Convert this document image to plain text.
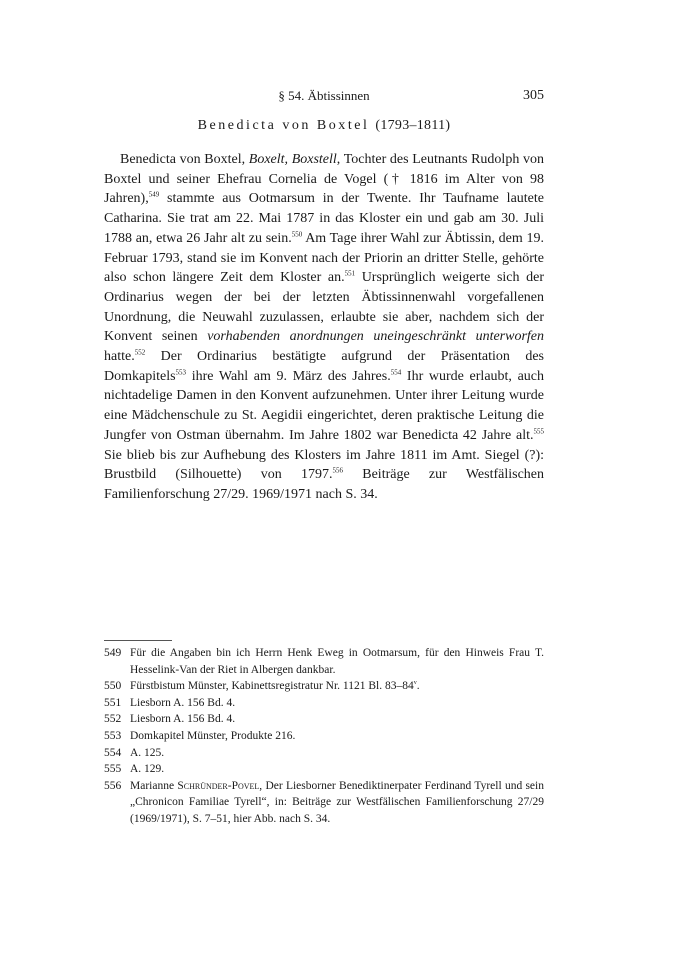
§ 54. Äbtissinnen	305
Benedicta von Boxtel (1793–1811)

Benedicta von Boxtel, Boxelt, Boxstell, Tochter des Leutnants Rudolph von Boxtel und seiner Ehefrau Cornelia de Vogel († 1816 im Alter von 98 Jahren),$^{549}$ stammte aus Ootmarsum in der Twente. Ihr Taufname lautete Catharina. Sie trat am 22. Mai 1787 in das Kloster ein und gab am 30. Juli 1788 an, etwa 26 Jahr alt zu sein.$^{550}$ Am Tage ihrer Wahl zur Äbtissin, dem 19. Februar 1793, stand sie im Konvent nach der Priorin an dritter Stelle, gehörte also schon längere Zeit dem Kloster an.$^{551}$ Ursprünglich weigerte sich der Ordinarius wegen der bei der letzten Äbtissinnenwahl vorgefallenen Unordnung, die Neuwahl zuzulassen, erlaubte sie aber, nachdem sich der Konvent seinen vorhabenden anordnungen uneingeschränkt unterworfen hatte.$^{552}$ Der Ordinarius bestätigte aufgrund der Präsentation des Domkapitels$^{553}$ ihre Wahl am 9. März des Jahres.$^{554}$ Ihr wurde erlaubt, auch nichtadelige Damen in den Konvent aufzunehmen. Unter ihrer Leitung wurde eine Mädchenschule zu St. Aegidii eingerichtet, deren praktische Leitung die Jungfer von Ostman übernahm. Im Jahre 1802 war Benedicta 42 Jahre alt.$^{555}$ Sie blieb bis zur Aufhebung des Klosters im Jahre 1811 im Amt. Siegel (?): Brustbild (Silhouette) von 1797.$^{556}$ Beiträge zur Westfälischen Familienforschung 27/29. 1969/1971 nach S. 34.

549 Für die Angaben bin ich Herrn Henk Eweg in Ootmarsum, für den Hinweis Frau T. Hesselink-Van der Riet in Albergen dankbar.
550 Fürstbistum Münster, Kabinettsregistratur Nr. 1121 Bl. 83–84$^v$.
551 Liesborn A. 156 Bd. 4.
552 Liesborn A. 156 Bd. 4.
553 Domkapitel Münster, Produkte 216.
554 A. 125.
555 A. 129.
556 Marianne Schründer-Povel, Der Liesborner Benediktinerpater Ferdinand Tyrell und sein „Chronicon Familiae Tyrell“, in: Beiträge zur Westfälischen Familienforschung 27/29 (1969/1971), S. 7–51, hier Abb. nach S. 34.
